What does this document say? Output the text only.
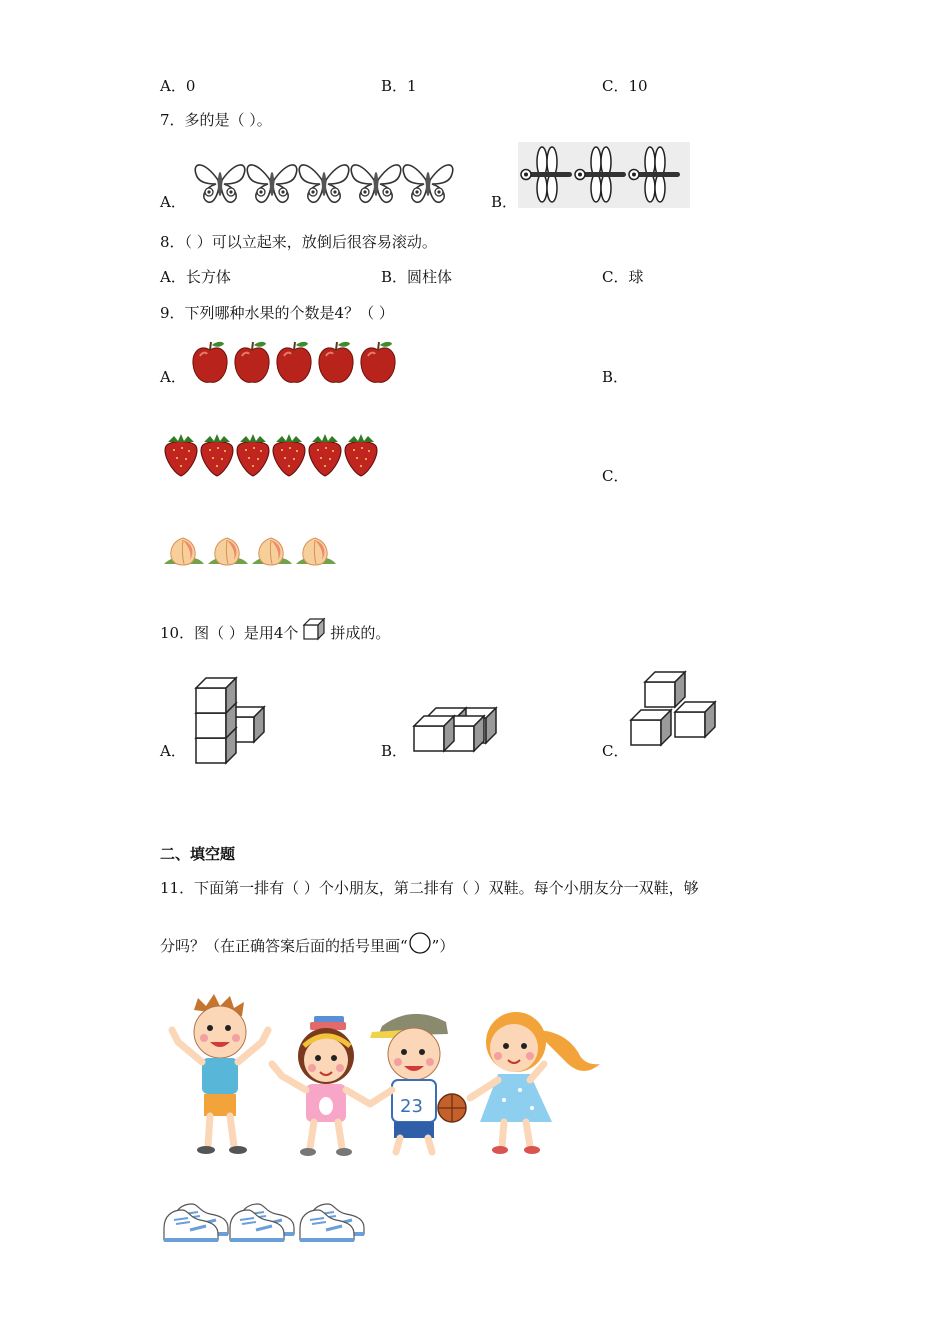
A．0	B．1	C．10
7．多的是（ ）。
A．	B．
8．（ ）可以立起来，放倒后很容易滚动。
A．长方体	B．圆柱体	C．球
9．下列哪种水果的个数是4？（ ）
A．	B．
C．
10．图（ ）是用4个 拼成的。
A．	B．	C．
二、填空题
11．下面第一排有（ ）个小朋友，第二排有（ ）双鞋。每个小朋友分一双鞋，够
分吗？（在正确答案后面的括号里画“ ”）
23
